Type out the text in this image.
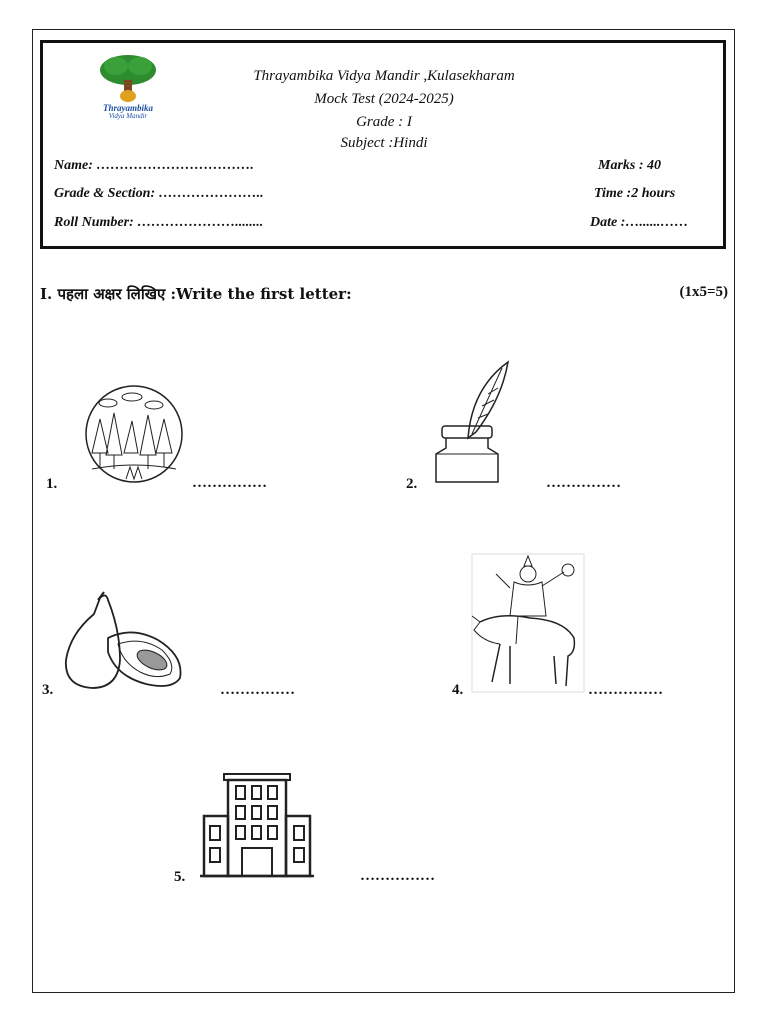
Thrayambika
Vidya Mandir
Thrayambika Vidya Mandir ,Kulasekharam
Mock Test (2024-2025)
Grade : I
Subject :Hindi
Name: …………………………….
Grade & Section: …………………..
Roll Number: …………………........
Marks : 40
Time :2 hours
Date :…......……
I. पहला अक्षर लिखिए :Write the first letter:	(1x5=5)
1.	……………	2.	……………
3.	……………	4.	……………
5.	……………
